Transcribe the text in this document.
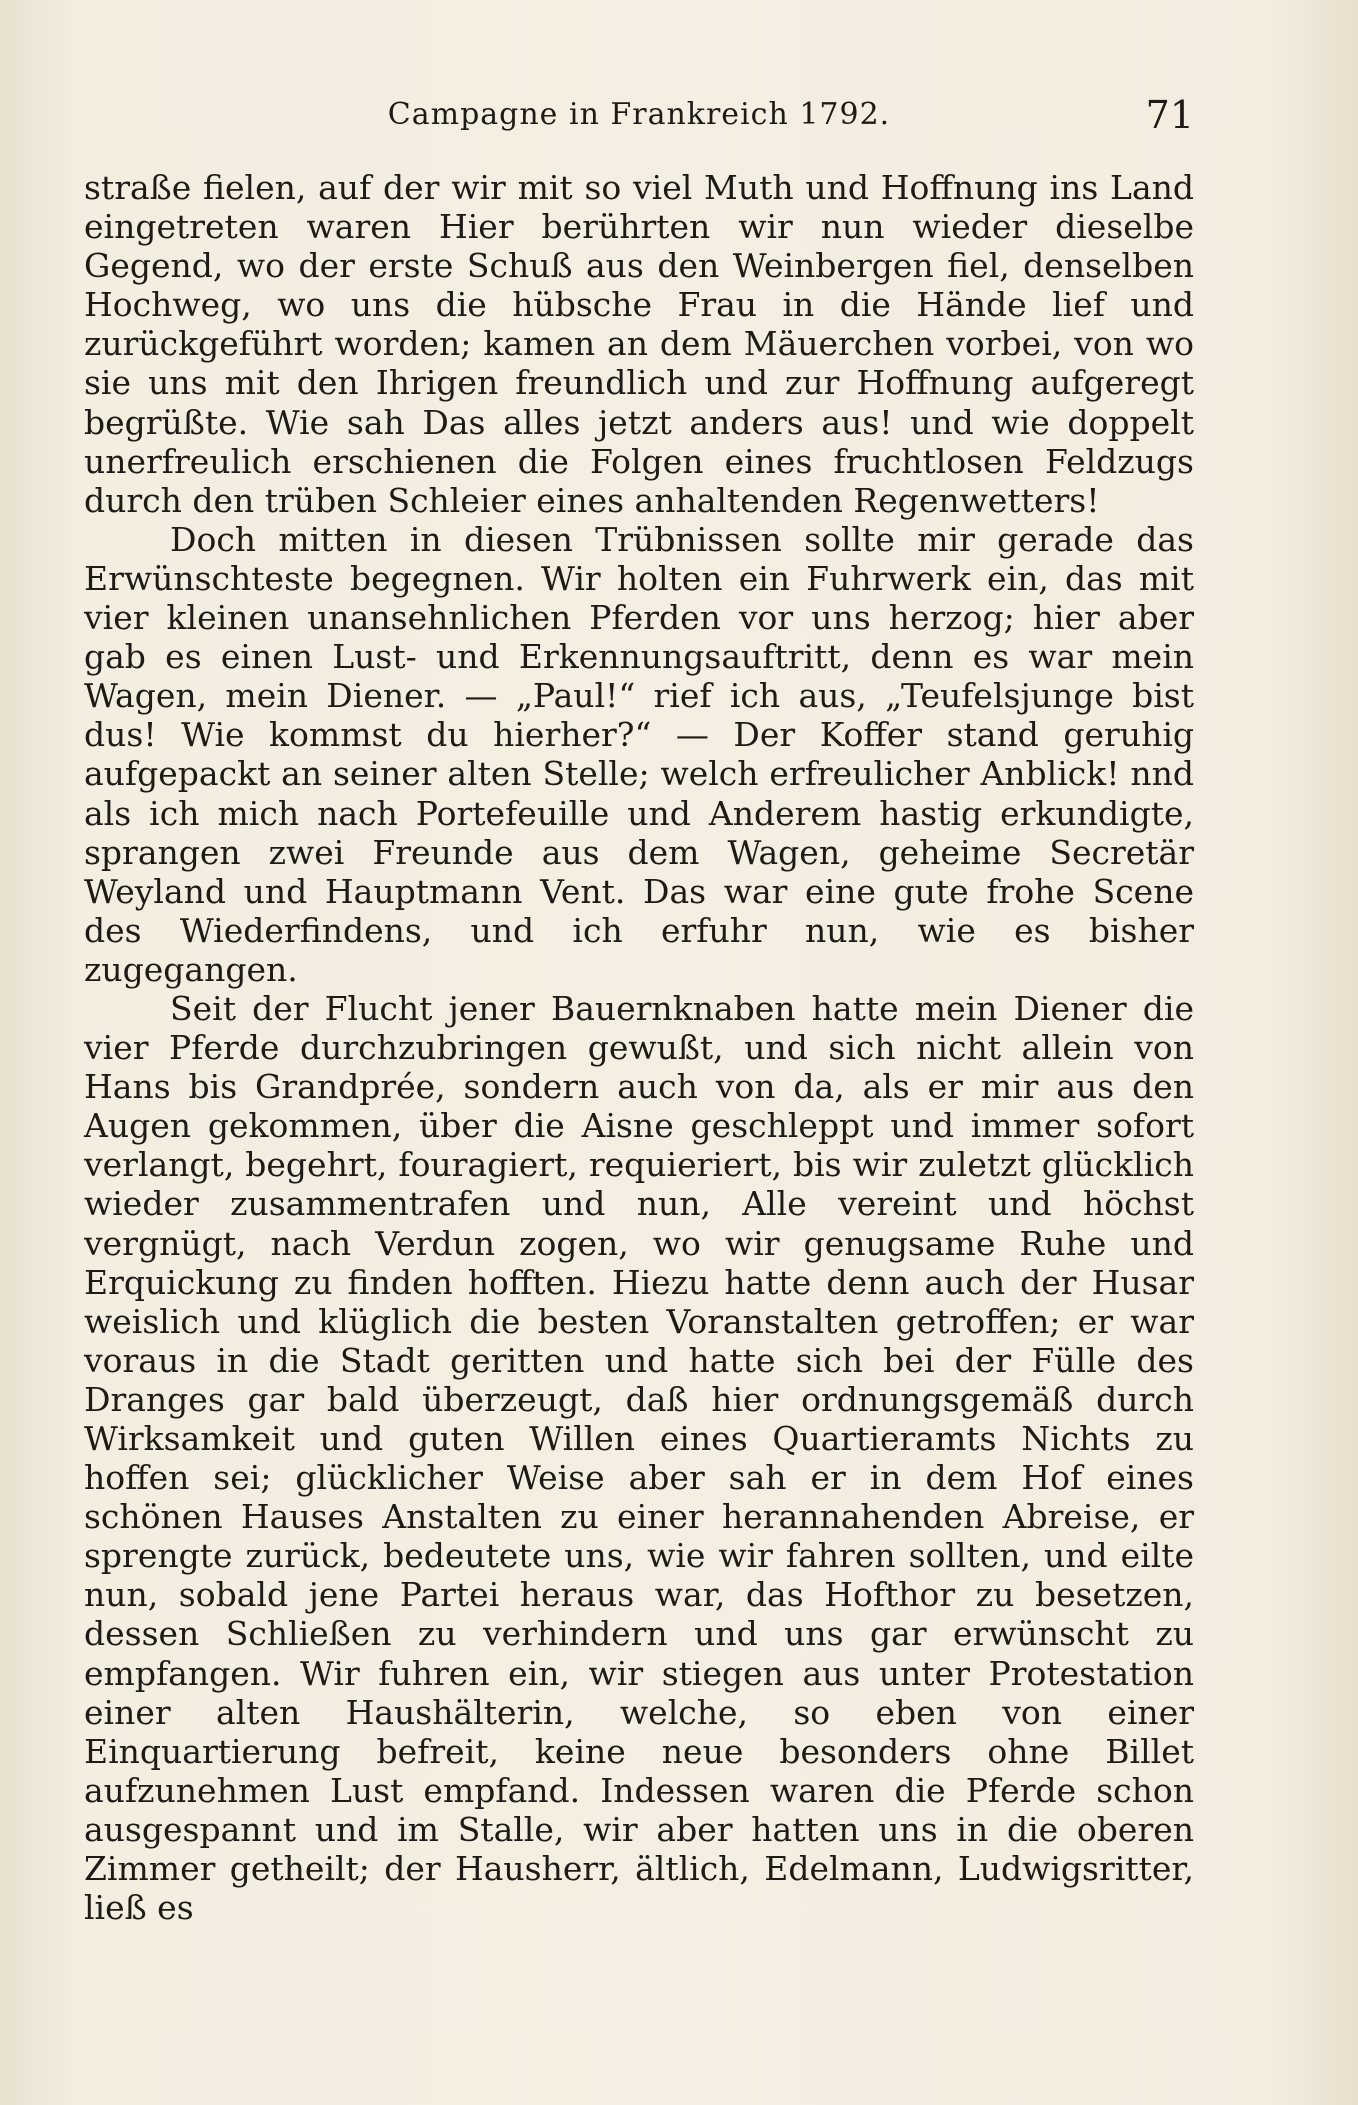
Campagne in Frankreich 1792.	71

straße fielen, auf der wir mit so viel Muth und Hoffnung ins Land eingetreten waren Hier berührten wir nun wieder dieselbe Gegend, wo der erste Schuß aus den Weinbergen fiel, denselben Hochweg, wo uns die hübsche Frau in die Hände lief und zurückgeführt worden; kamen an dem Mäuerchen vorbei, von wo sie uns mit den Ihrigen freundlich und zur Hoffnung aufgeregt begrüßte. Wie sah Das alles jetzt anders aus! und wie doppelt unerfreulich erschienen die Folgen eines fruchtlosen Feldzugs durch den trüben Schleier eines anhaltenden Regenwetters!

Doch mitten in diesen Trübnissen sollte mir gerade das Erwünschteste begegnen. Wir holten ein Fuhrwerk ein, das mit vier kleinen unansehnlichen Pferden vor uns herzog; hier aber gab es einen Lust- und Erkennungsauftritt, denn es war mein Wagen, mein Diener. — „Paul!“ rief ich aus, „Teufelsjunge bist dus! Wie kommst du hierher?“ — Der Koffer stand geruhig aufgepackt an seiner alten Stelle; welch erfreulicher Anblick! nnd als ich mich nach Portefeuille und Anderem hastig erkundigte, sprangen zwei Freunde aus dem Wagen, geheime Secretär Weyland und Hauptmann Vent. Das war eine gute frohe Scene des Wiederfindens, und ich erfuhr nun, wie es bisher zugegangen.

Seit der Flucht jener Bauernknaben hatte mein Diener die vier Pferde durchzubringen gewußt, und sich nicht allein von Hans bis Grandprée, sondern auch von da, als er mir aus den Augen gekommen, über die Aisne geschleppt und immer sofort verlangt, begehrt, fouragiert, requieriert, bis wir zuletzt glücklich wieder zusammentrafen und nun, Alle vereint und höchst vergnügt, nach Verdun zogen, wo wir genugsame Ruhe und Erquickung zu finden hofften. Hiezu hatte denn auch der Husar weislich und klüglich die besten Voranstalten getroffen; er war voraus in die Stadt geritten und hatte sich bei der Fülle des Dranges gar bald überzeugt, daß hier ordnungsgemäß durch Wirksamkeit und guten Willen eines Quartieramts Nichts zu hoffen sei; glücklicher Weise aber sah er in dem Hof eines schönen Hauses Anstalten zu einer herannahenden Abreise, er sprengte zurück, bedeutete uns, wie wir fahren sollten, und eilte nun, sobald jene Partei heraus war, das Hofthor zu besetzen, dessen Schließen zu verhindern und uns gar erwünscht zu empfangen. Wir fuhren ein, wir stiegen aus unter Protestation einer alten Haushälterin, welche, so eben von einer Einquartierung befreit, keine neue besonders ohne Billet aufzunehmen Lust empfand. Indessen waren die Pferde schon ausgespannt und im Stalle, wir aber hatten uns in die oberen Zimmer getheilt; der Hausherr, ältlich, Edelmann, Ludwigsritter, ließ es
